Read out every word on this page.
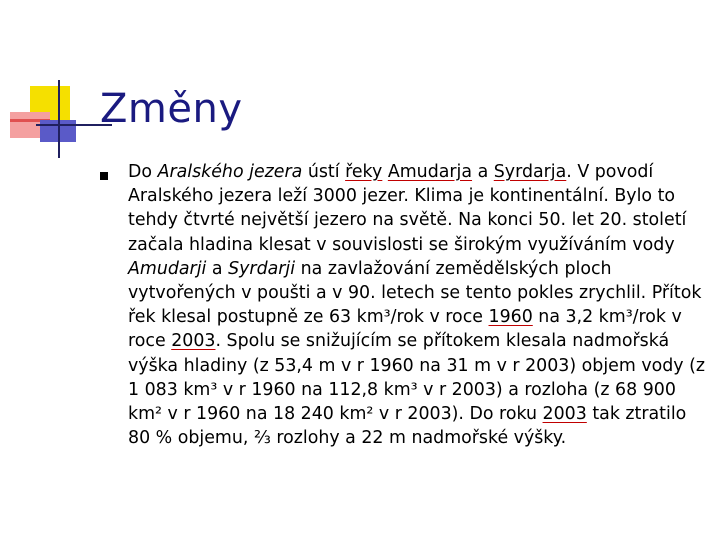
Změny
Do Aralského jezera ústí řeky Amudarja a Syrdarja. V povodí Aralského jezera leží 3000 jezer. Klima je kontinentální. Bylo to tehdy čtvrté největší jezero na světě. Na konci 50. let 20. století začala hladina klesat v souvislosti se širokým využíváním vody Amudarji a Syrdarji na zavlažování zemědělských ploch vytvořených v poušti a v 90. letech se tento pokles zrychlil. Přítok řek klesal postupně ze 63 km³/rok v roce 1960 na 3,2 km³/rok v roce 2003. Spolu se snižujícím se přítokem klesala nadmořská výška hladiny (z 53,4 m v r 1960 na 31 m v r 2003) objem vody (z 1 083 km³ v r 1960 na 112,8 km³ v r 2003) a rozloha (z 68 900 km² v r 1960 na 18 240 km² v r 2003). Do roku 2003 tak ztratilo 80 % objemu, ⅔ rozlohy a 22 m nadmořské výšky.
